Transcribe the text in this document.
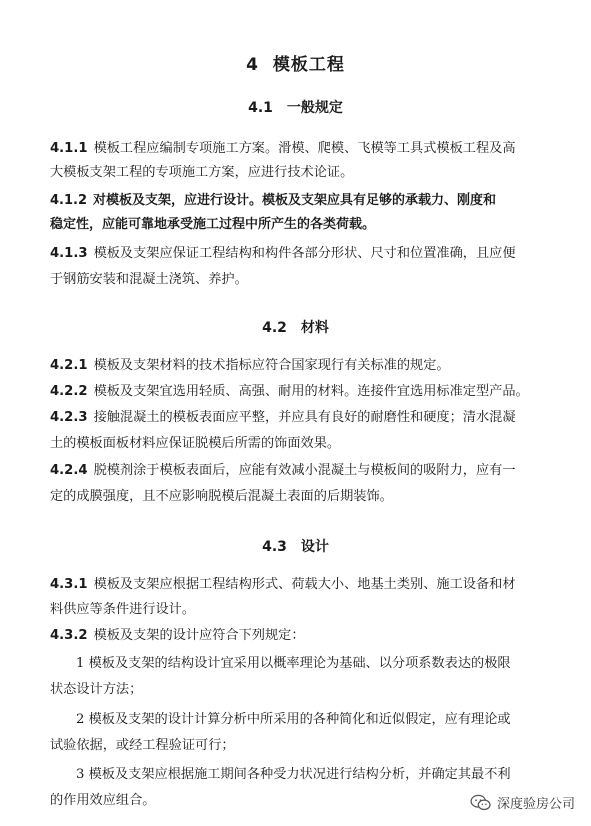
4 模板工程
4.1 一般规定
4.1.1 模板工程应编制专项施工方案。滑模、爬模、飞模等工具式模板工程及高
大模板支架工程的专项施工方案，应进行技术论证。
4.1.2 对模板及支架，应进行设计。模板及支架应具有足够的承载力、刚度和
稳定性，应能可靠地承受施工过程中所产生的各类荷载。
4.1.3 模板及支架应保证工程结构和构件各部分形状、尺寸和位置准确，且应便
于钢筋安装和混凝土浇筑、养护。
4.2 材料
4.2.1 模板及支架材料的技术指标应符合国家现行有关标准的规定。
4.2.2 模板及支架宜选用轻质、高强、耐用的材料。连接件宜选用标准定型产品。
4.2.3 接触混凝土的模板表面应平整，并应具有良好的耐磨性和硬度；清水混凝
土的模板面板材料应保证脱模后所需的饰面效果。
4.2.4 脱模剂涂于模板表面后，应能有效减小混凝土与模板间的吸附力，应有一
定的成膜强度，且不应影响脱模后混凝土表面的后期装饰。
4.3 设计
4.3.1 模板及支架应根据工程结构形式、荷载大小、地基土类别、施工设备和材
料供应等条件进行设计。
4.3.2 模板及支架的设计应符合下列规定：
1 模板及支架的结构设计宜采用以概率理论为基础、以分项系数表达的极限
状态设计方法；
2 模板及支架的设计计算分析中所采用的各种简化和近似假定，应有理论或
试验依据，或经工程验证可行；
3 模板及支架应根据施工期间各种受力状况进行结构分析，并确定其最不利
的作用效应组合。	深度验房公司
